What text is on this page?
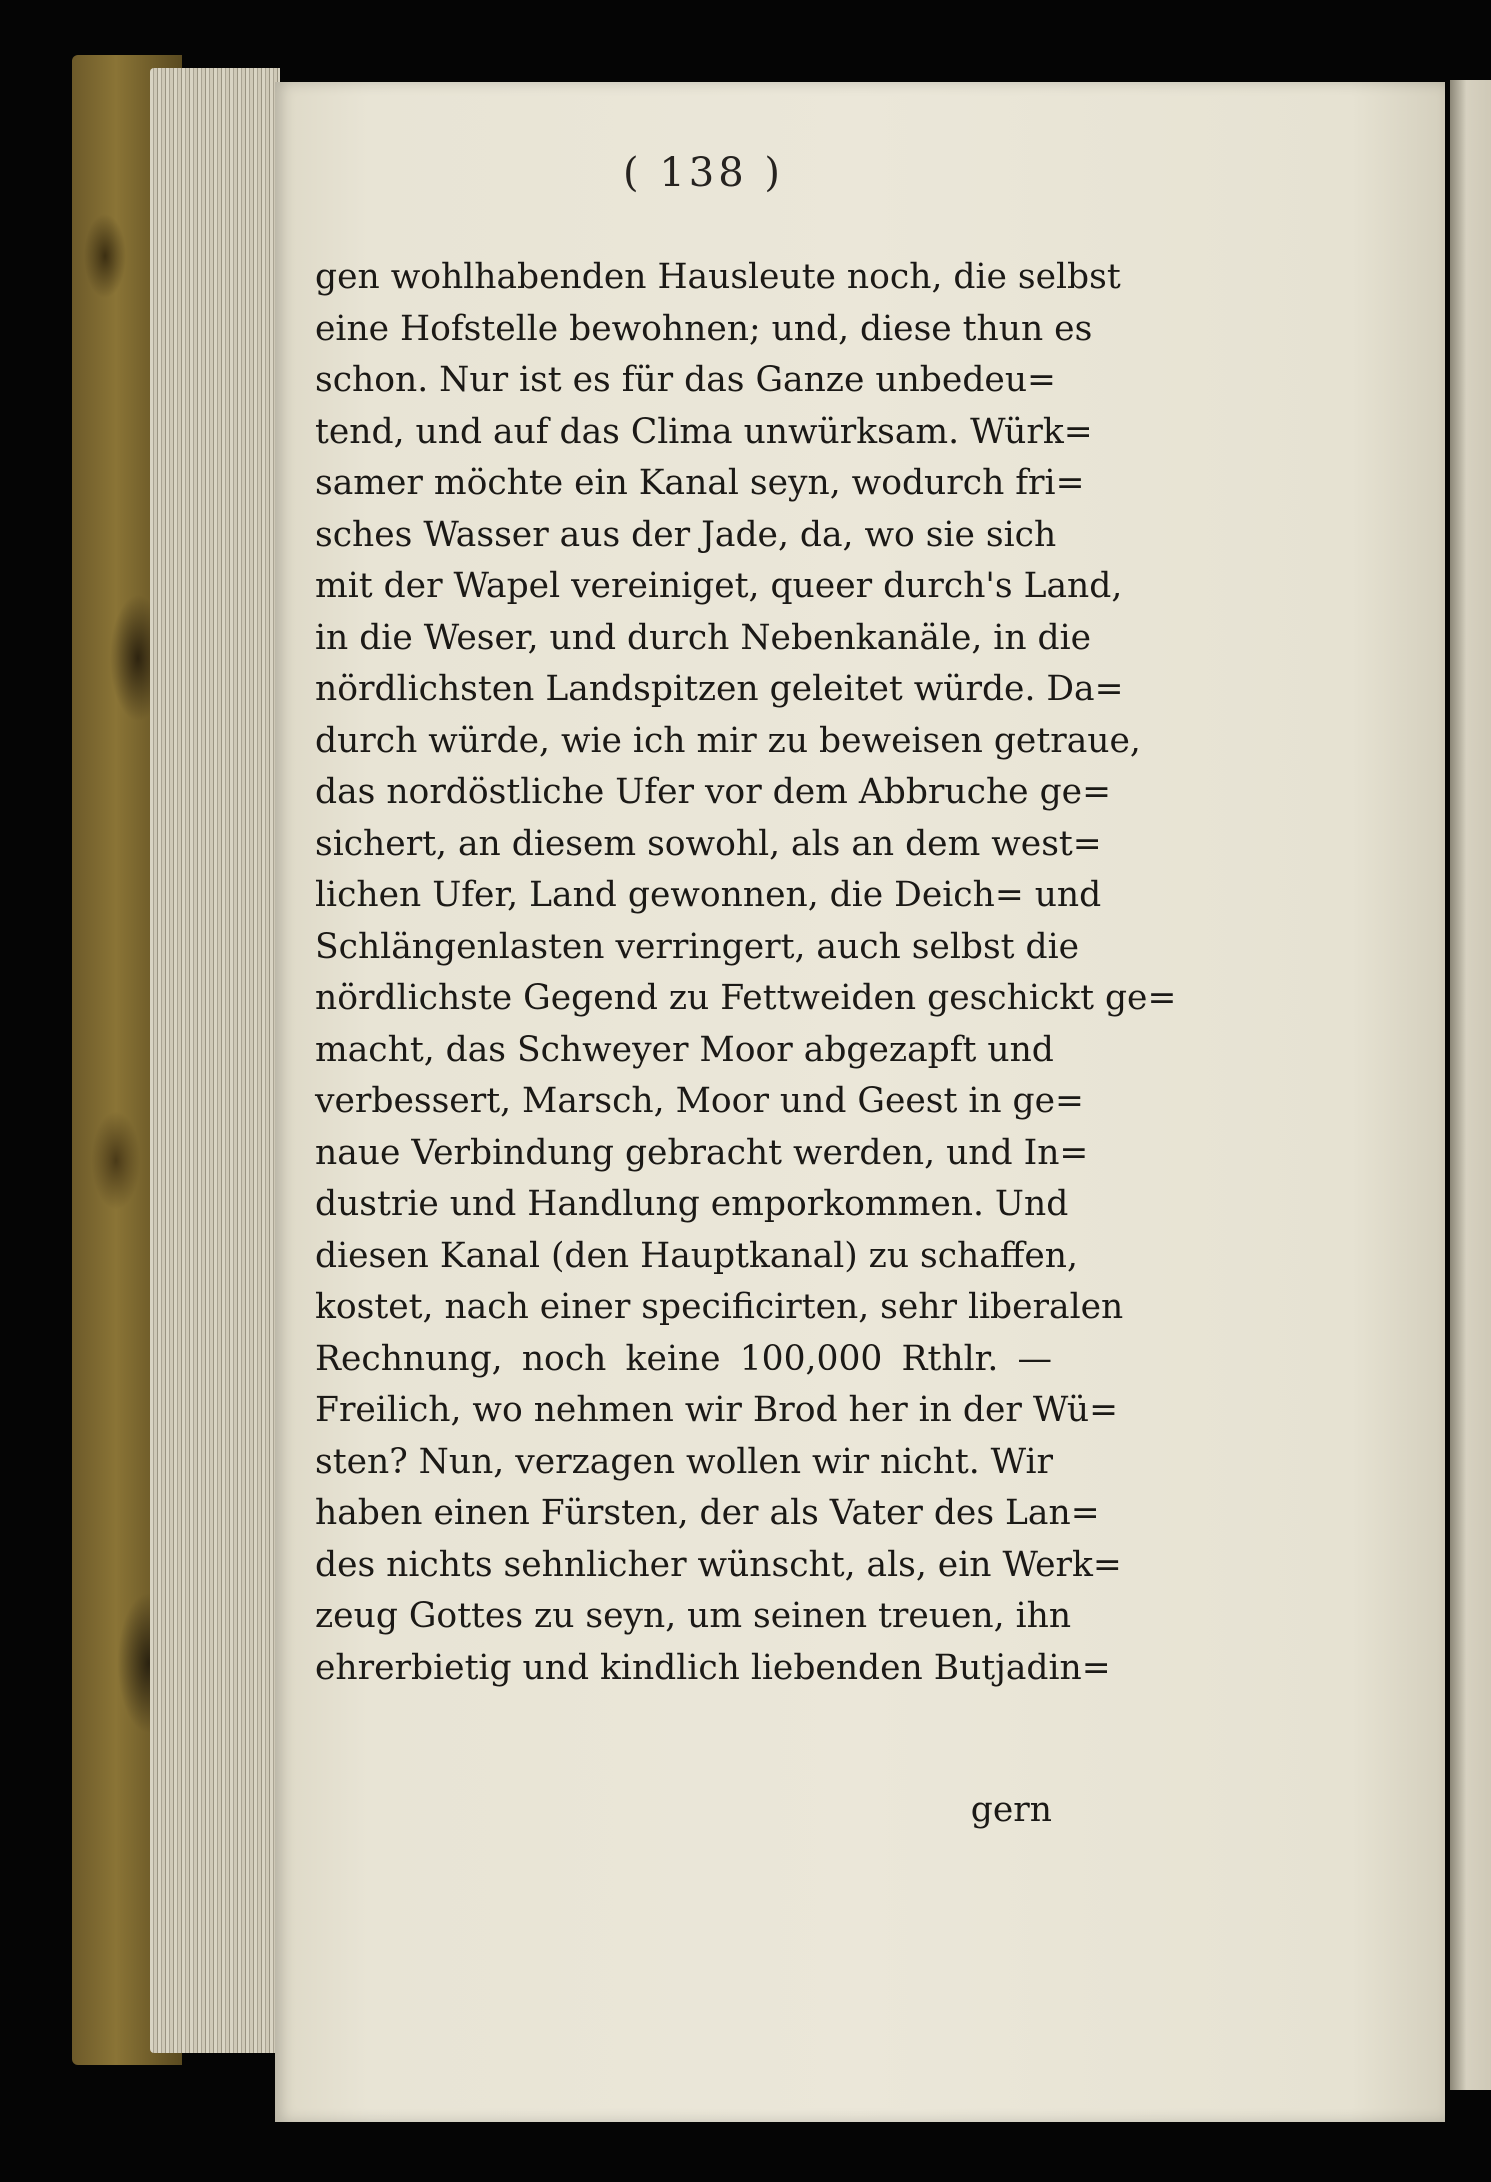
( 138 )
gen wohlhabenden Hausleute noch, die selbst
eine Hofstelle bewohnen; und, diese thun es
schon. Nur ist es für das Ganze unbedeu=
tend, und auf das Clima unwürksam. Würk=
samer möchte ein Kanal seyn, wodurch fri=
sches Wasser aus der Jade, da, wo sie sich
mit der Wapel vereiniget, queer durch's Land,
in die Weser, und durch Nebenkanäle, in die
nördlichsten Landspitzen geleitet würde. Da=
durch würde, wie ich mir zu beweisen getraue,
das nordöstliche Ufer vor dem Abbruche ge=
sichert, an diesem sowohl, als an dem west=
lichen Ufer, Land gewonnen, die Deich= und
Schlängenlasten verringert, auch selbst die
nördlichste Gegend zu Fettweiden geschickt ge=
macht, das Schweyer Moor abgezapft und
verbessert, Marsch, Moor und Geest in ge=
naue Verbindung gebracht werden, und In=
dustrie und Handlung emporkommen. Und
diesen Kanal (den Hauptkanal) zu schaffen,
kostet, nach einer specificirten, sehr liberalen
Rechnung, noch keine 100,000 Rthlr. —
Freilich, wo nehmen wir Brod her in der Wü=
sten? Nun, verzagen wollen wir nicht. Wir
haben einen Fürsten, der als Vater des Lan=
des nichts sehnlicher wünscht, als, ein Werk=
zeug Gottes zu seyn, um seinen treuen, ihn
ehrerbietig und kindlich liebenden Butjadin=
gern
